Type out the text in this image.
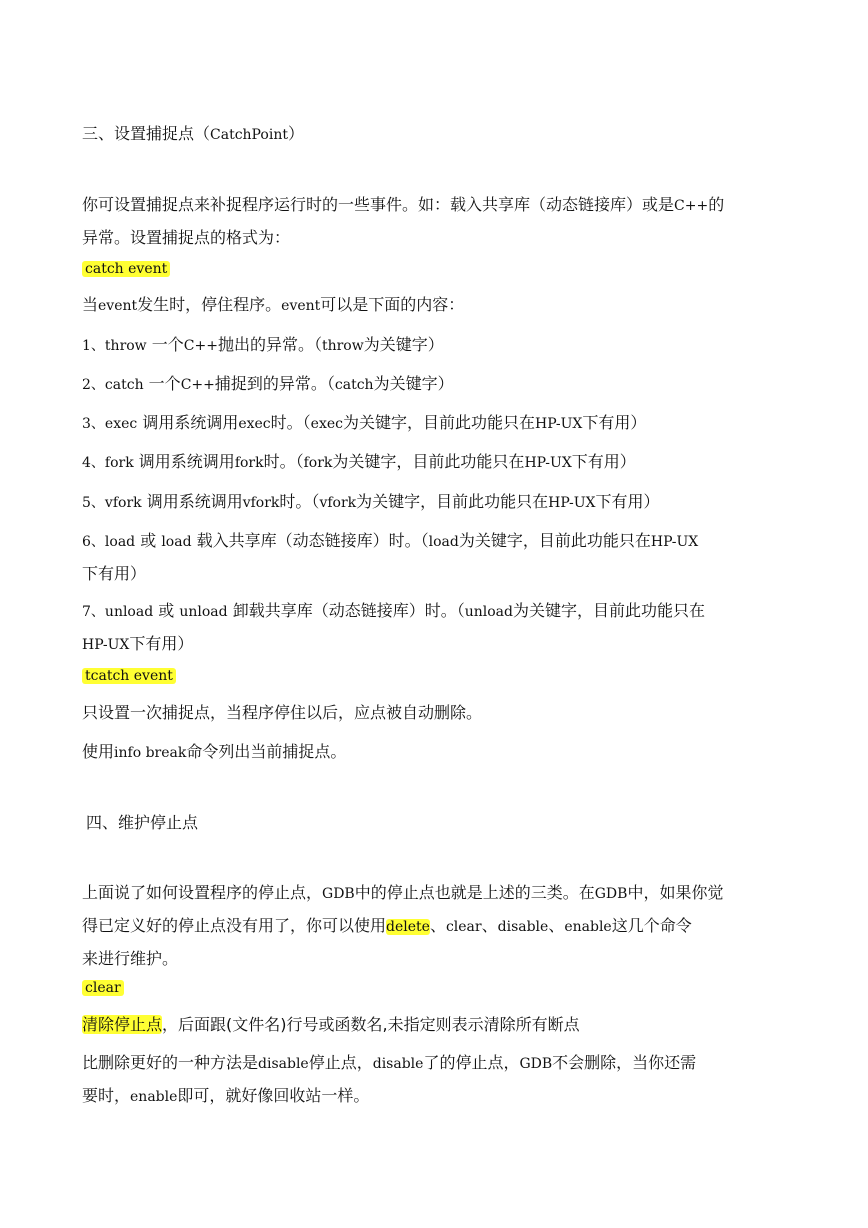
三、设置捕捉点（CatchPoint）
你可设置捕捉点来补捉程序运行时的一些事件。如：载入共享库（动态链接库）或是C++的
异常。设置捕捉点的格式为：
catch event
当event发生时，停住程序。event可以是下面的内容：
1、throw 一个C++抛出的异常。（throw为关键字）
2、catch 一个C++捕捉到的异常。（catch为关键字）
3、exec 调用系统调用exec时。（exec为关键字，目前此功能只在HP-UX下有用）
4、fork 调用系统调用fork时。（fork为关键字，目前此功能只在HP-UX下有用）
5、vfork 调用系统调用vfork时。（vfork为关键字，目前此功能只在HP-UX下有用）
6、load 或 load 载入共享库（动态链接库）时。（load为关键字，目前此功能只在HP-UX
下有用）
7、unload 或 unload 卸载共享库（动态链接库）时。（unload为关键字，目前此功能只在
HP-UX下有用）
tcatch event
只设置一次捕捉点，当程序停住以后，应点被自动删除。
使用info break命令列出当前捕捉点。
四、维护停止点
上面说了如何设置程序的停止点，GDB中的停止点也就是上述的三类。在GDB中，如果你觉
得已定义好的停止点没有用了，你可以使用delete、clear、disable、enable这几个命令
来进行维护。
clear
清除停止点，后面跟(文件名)行号或函数名,未指定则表示清除所有断点
比删除更好的一种方法是disable停止点，disable了的停止点，GDB不会删除，当你还需
要时，enable即可，就好像回收站一样。
